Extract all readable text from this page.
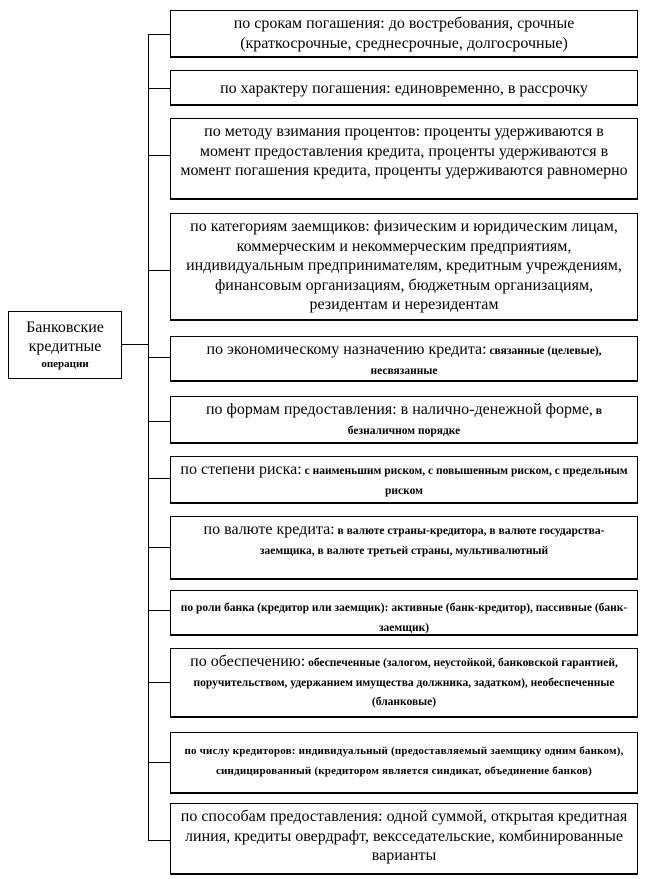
Банковские
кредитные
операции
по срокам погашения: до востребования, срочные (краткосрочные, среднесрочные, долгосрочные)
по характеру погашения: единовременно, в рассрочку
по методу взимания процентов: проценты удерживаются в момент предоставления кредита, проценты удерживаются в момент погашения кредита, проценты удерживаются равномерно
по категориям заемщиков: физическим и юридическим лицам, коммерческим и некоммерческим предприятиям, индивидуальным предпринимателям, кредитным учреждениям, финансовым организациям, бюджетным организациям, резидентам и нерезидентам
по экономическому назначению кредита: связанные (целевые), несвязанные
по формам предоставления: в налично-денежной форме, в безналичном порядке
по степени риска: с наименьшим риском, с повышенным риском, с предельным риском
по валюте кредита: в валюте страны-кредитора, в валюте государства-заемщика, в валюте третьей страны, мультивалютный
по роли банка (кредитор или заемщик): активные (банк-кредитор), пассивные (банк-заемщик)
по обеспечению: обеспеченные (залогом, неустойкой, банковской гарантией, поручительством, удержанием имущества должника, задатком), необеспеченные (бланковые)
по числу кредиторов: индивидуальный (предоставляемый заемщику одним банком), синдицированный (кредитором является синдикат, объединение банков)
по способам предоставления: одной суммой, открытая кредитная линия, кредиты овердрафт, вексседательские, комбинированные варианты
